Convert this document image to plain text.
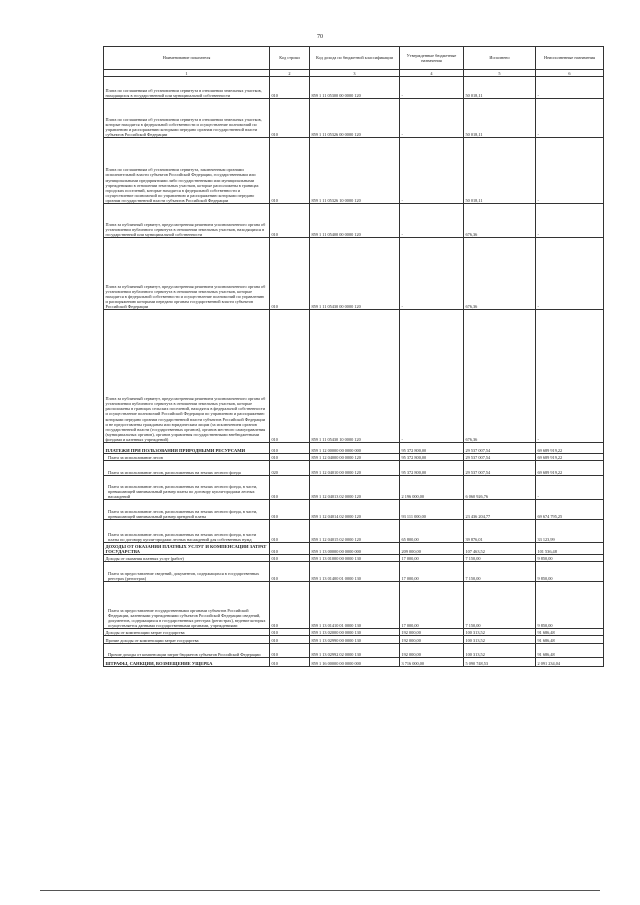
70
Наименование показателя	Код строки	Код дохода по бюджетной классификации	Утвержденные бюджетные назначения	Исполнено	Неисполненные назначения
1	2	3	4	5	6
Плата по соглашениям об установлении сервитута в отношении земельных участков, находящихся в государственной или муниципальной собственности	010	859 1 11 05300 00 0000 120	-	50 018,11	-
Плата по соглашениям об установлении сервитута в отношении земельных участков, которые находятся в федеральной собственности и осуществление полномочий по управлению и распоряжению которыми передано органам государственной власти субъектов Российской Федерации	010	859 1 11 05326 00 0000 120	-	50 018,11	-
Плата по соглашениям об установлении сервитута, заключенным органами исполнительной власти субъектов Российской Федерации, государственными или муниципальными предприятиями либо государственными или муниципальными учреждениями в отношении земельных участков, которые расположены в границах городских поселений, которые находятся в федеральной собственности и осуществление полномочий по управлению и распоряжению которыми передано органам государственной власти субъектов Российской Федерации	010	859 1 11 05326 10 0000 120	-	50 018,11	-
Плата за публичный сервитут, предусмотренная решением уполномоченного органа об установлении публичного сервитута в отношении земельных участков, находящихся в государственной или муниципальной собственности	010	859 1 11 05400 00 0000 120	-	676,36	-
Плата за публичный сервитут, предусмотренная решением уполномоченного органа об установлении публичного сервитута в отношении земельных участков, которые находятся в федеральной собственности и осуществление полномочий по управлению и распоряжению которыми передано органам государственной власти субъектов Российской Федерации	010	859 1 11 05430 00 0000 120	-	676,36	-
Плата за публичный сервитут, предусмотренная решением уполномоченного органа об установлении публичного сервитута в отношении земельных участков, которые расположены в границах сельских поселений, находятся в федеральной собственности и осуществление полномочий Российской Федерации по управлению и распоряжению которыми передано органам государственной власти субъектов Российской Федерации и не предоставлены гражданам или юридическим лицам (за исключением органов государственной власти (государственных органов), органов местного самоуправления (муниципальных органов), органов управления государственными внебюджетными фондами и казенных учреждений)	010	859 1 11 05430 10 0000 120	-	676,36	-
ПЛАТЕЖИ ПРИ ПОЛЬЗОВАНИИ ПРИРОДНЫМИ РЕСУРСАМИ	010	859 1 12 00000 00 0000 000	95 372 800,00	29 537 007,54	69 689 919,22
Плата за использование лесов	010	859 1 12 04000 00 0000 120	95 372 800,00	29 537 007,54	69 689 919,22
Плата за использование лесов, расположенных на землях лесного фонда	020	859 1 12 04010 00 0000 120	95 372 800,00	29 537 007,54	69 689 919,22
Плата за использование лесов, расположенных на землях лесного фонда, в части, превышающей минимальный размер платы по договору купли-продажи лесных насаждений	010	859 1 12 04013 02 0000 120	2 196 000,00	6 060 926,76	-
Плата за использование лесов, расположенных на землях лесного фонда, в части, превышающей минимальный размер арендной платы	010	859 1 12 04014 02 0000 120	93 111 000,00	23 436 204,77	69 674 795,25
Плата за использование лесов, расположенных на землях лесного фонда, в части платы по договору купли-продажи лесных насаждений для собственных нужд	010	859 1 12 04015 02 0000 120	65 800,00	39 876,01	33 123,99
ДОХОДЫ ОТ ОКАЗАНИЯ ПЛАТНЫХ УСЛУГ И КОМПЕНСАЦИИ ЗАТРАТ ГОСУДАРСТВА	010	859 1 13 00000 00 0000 000	209 000,00	107 463,52	101 536,48
Доходы от оказания платных услуг (работ)	010	859 1 13 01000 00 0000 130	17 000,00	7 150,00	9 850,00
Плата за предоставление сведений, документов, содержащихся в государственных реестрах (регистрах)	010	859 1 13 01400 01 0000 130	17 000,00	7 150,00	9 850,00
Плата за предоставление государственными органами субъектов Российской Федерации, казенными учреждениями субъектов Российской Федерации сведений, документов, содержащихся в государственных реестрах (регистрах), ведение которых осуществляется данными государственными органами, учреждениями	010	859 1 13 01410 01 0000 130	17 000,00	7 150,00	9 850,00
Доходы от компенсации затрат государства	010	859 1 13 02000 00 0000 130	192 000,00	100 313,52	91 686,48
Прочие доходы от компенсации затрат государства	010	859 1 13 02990 00 0000 130	192 000,00	100 313,52	91 686,48
Прочие доходы от компенсации затрат бюджетов субъектов Российской Федерации	010	859 1 13 02992 02 0000 130	192 000,00	100 313,52	91 686,48
ШТРАФЫ, САНКЦИИ, ВОЗМЕЩЕНИЕ УЩЕРБА	010	859 1 16 00000 00 0000 000	3 716 000,00	5 090 748,53	2 091 234,04
